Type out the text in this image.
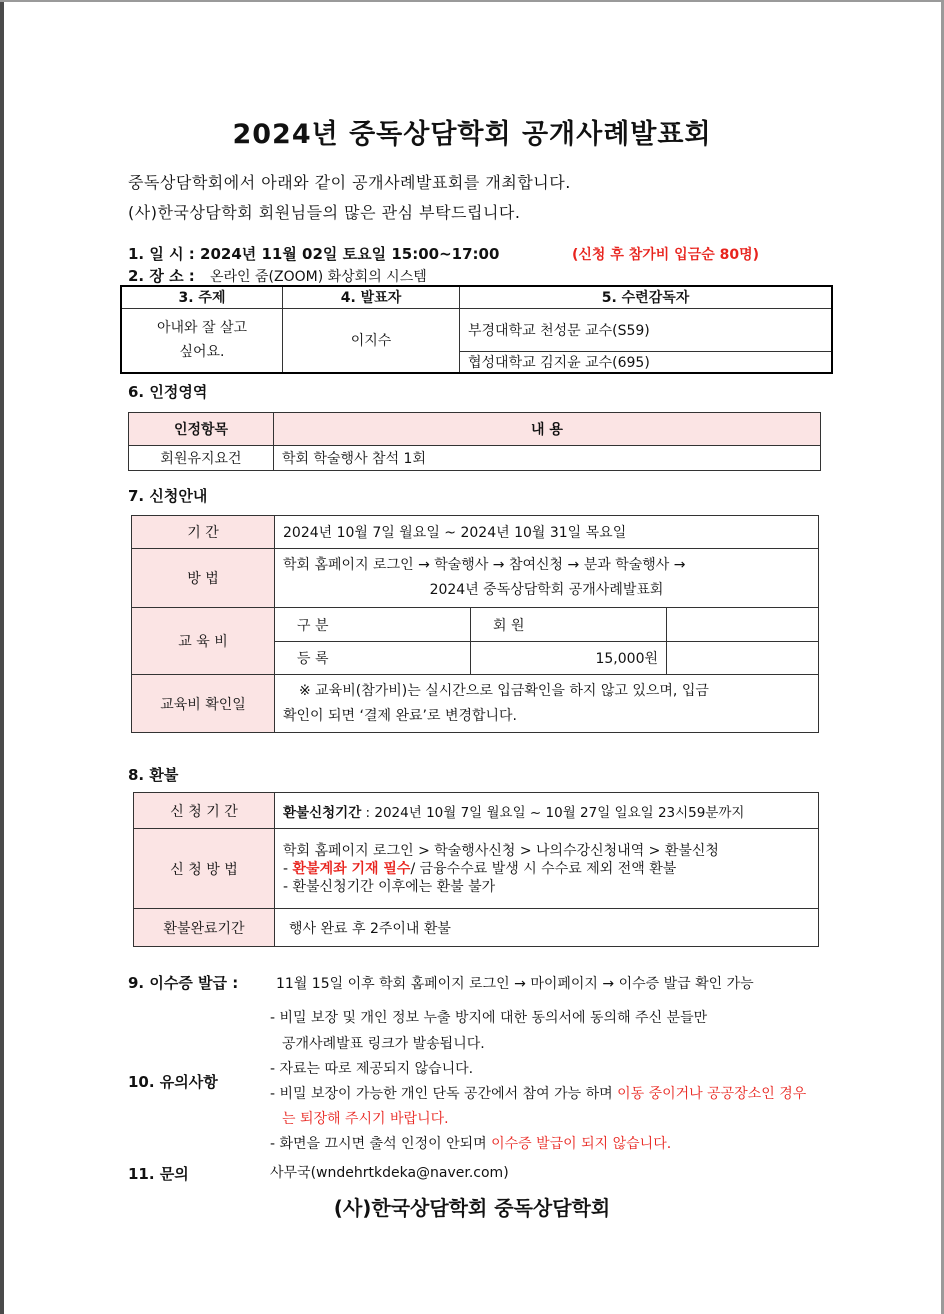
2024년 중독상담학회 공개사례발표회
중독상담학회에서 아래와 같이 공개사례발표회를 개최합니다.
(사)한국상담학회 회원님들의 많은 관심 부탁드립니다.
1. 일 시 : 2024년 11월 02일 토요일 15:00~17:00	(신청 후 참가비 입금순 80명)
2. 장 소 : 온라인 줌(ZOOM) 화상회의 시스템
3. 주제	4. 발표자	5. 수련감독자
아내와 잘 살고 싶어요.	이지수	부경대학교 천성문 교수(S59)
		협성대학교 김지윤 교수(695)
6. 인정영역
인정항목	내 용
회원유지요건	학회 학술행사 참석 1회
7. 신청안내
기 간	2024년 10월 7일 월요일 ~ 2024년 10월 31일 목요일		
방 법	학회 홈페이지 로그인 → 학술행사 → 참여신청 → 분과 학술행사 →
2024년 중독상담학회 공개사례발표회		

교 육 비	구 분	회 원	
	등 록	15,000원	
교육비 확인일	※ 교육비(참가비)는 실시간으로 입금확인을 하지 않고 있으며, 입금
확인이 되면 ‘결제 완료’로 변경합니다.		
8. 환불
신 청 기 간	환불신청기간 : 2024년 10월 7일 월요일 ~ 10월 27일 일요일 23시59분까지
신 청 방 법	학회 홈페이지 로그인 > 학술행사신청 > 나의수강신청내역 > 환불신청
- 환불계좌 기재 필수/ 금융수수료 발생 시 수수료 제외 전액 환불
- 환불신청기간 이후에는 환불 불가

환불완료기간	행사 완료 후 2주이내 환불
9. 이수증 발급 :	11월 15일 이후 학회 홈페이지 로그인 → 마이페이지 → 이수증 발급 확인 가능
10. 유의사항
- 비밀 보장 및 개인 정보 누출 방지에 대한 동의서에 동의해 주신 분들만
공개사례발표 링크가 발송됩니다.
- 자료는 따로 제공되지 않습니다.
- 비밀 보장이 가능한 개인 단독 공간에서 참여 가능 하며 이동 중이거나 공공장소인 경우
는 퇴장해 주시기 바랍니다.
- 화면을 끄시면 출석 인정이 안되며 이수증 발급이 되지 않습니다.
11. 문의	사무국(wndehrtkdeka@naver.com)
(사)한국상담학회 중독상담학회
